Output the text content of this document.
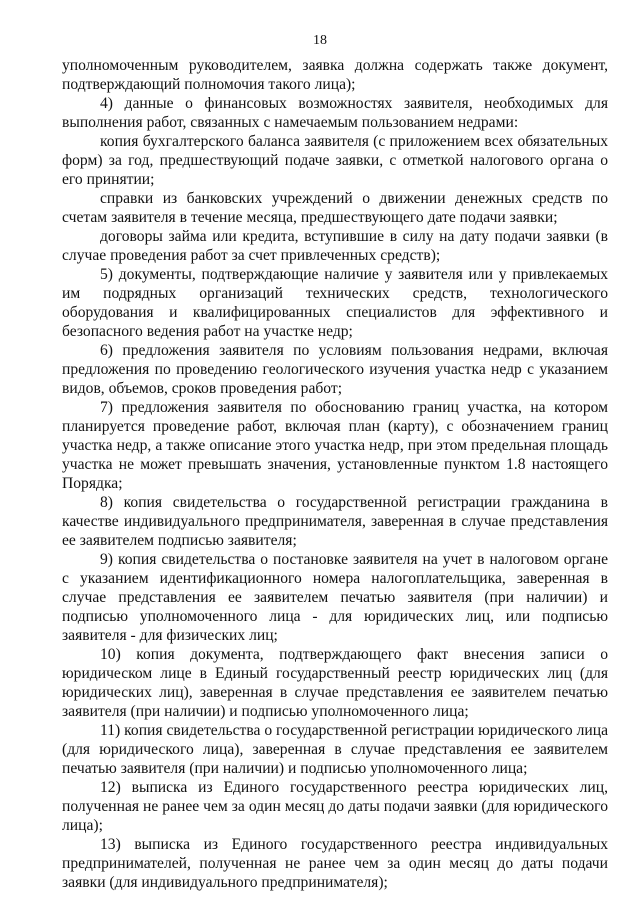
18

уполномоченным руководителем, заявка должна содержать также документ, подтверждающий полномочия такого лица);

4) данные о финансовых возможностях заявителя, необходимых для выполнения работ, связанных с намечаемым пользованием недрами:

копия бухгалтерского баланса заявителя (с приложением всех обязательных форм) за год, предшествующий подаче заявки, с отметкой налогового органа о его принятии;

справки из банковских учреждений о движении денежных средств по счетам заявителя в течение месяца, предшествующего дате подачи заявки;

договоры займа или кредита, вступившие в силу на дату подачи заявки (в случае проведения работ за счет привлеченных средств);

5) документы, подтверждающие наличие у заявителя или у привлекаемых им подрядных организаций технических средств, технологического оборудования и квалифицированных специалистов для эффективного и безопасного ведения работ на участке недр;

6) предложения заявителя по условиям пользования недрами, включая предложения по проведению геологического изучения участка недр с указанием видов, объемов, сроков проведения работ;

7) предложения заявителя по обоснованию границ участка, на котором планируется проведение работ, включая план (карту), с обозначением границ участка недр, а также описание этого участка недр, при этом предельная площадь участка не может превышать значения, установленные пунктом 1.8 настоящего Порядка;

8) копия свидетельства о государственной регистрации гражданина в качестве индивидуального предпринимателя, заверенная в случае представления ее заявителем подписью заявителя;

9) копия свидетельства о постановке заявителя на учет в налоговом органе с указанием идентификационного номера налогоплательщика, заверенная в случае представления ее заявителем печатью заявителя (при наличии) и подписью уполномоченного лица - для юридических лиц, или подписью заявителя - для физических лиц;

10) копия документа, подтверждающего факт внесения записи о юридическом лице в Единый государственный реестр юридических лиц (для юридических лиц), заверенная в случае представления ее заявителем печатью заявителя (при наличии) и подписью уполномоченного лица;

11) копия свидетельства о государственной регистрации юридического лица (для юридического лица), заверенная в случае представления ее заявителем печатью заявителя (при наличии) и подписью уполномоченного лица;

12) выписка из Единого государственного реестра юридических лиц, полученная не ранее чем за один месяц до даты подачи заявки (для юридического лица);

13) выписка из Единого государственного реестра индивидуальных предпринимателей, полученная не ранее чем за один месяц до даты подачи заявки (для индивидуального предпринимателя);
